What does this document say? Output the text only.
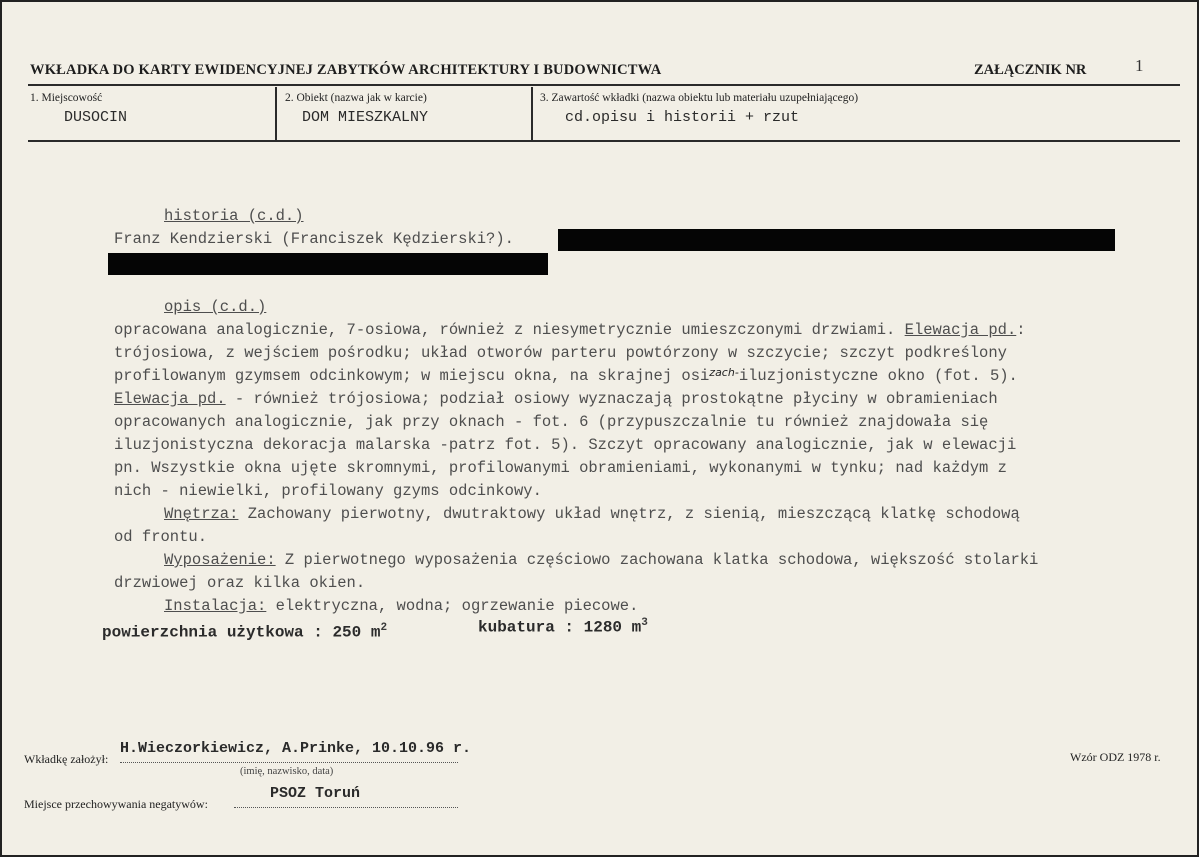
WKŁADKA DO KARTY EWIDENCYJNEJ ZABYTKÓW ARCHITEKTURY I BUDOWNICTWA	ZAŁĄCZNIK NR	1
1. Miejscowość
DUSOCIN
2. Obiekt (nazwa jak w karcie)
DOM MIESZKALNY
3. Zawartość wkładki (nazwa obiektu lub materiału uzupełniającego)
cd.opisu i historii + rzut
historia (c.d.)
Franz Kendzierski (Franciszek Kędzierski?).
opis (c.d.)
opracowana analogicznie, 7-osiowa, również z niesymetrycznie umieszczonymi drzwiami. Elewacja pd.:
trójosiowa, z wejściem pośrodku; układ otworów parteru powtórzony w szczycie; szczyt podkreślony
profilowanym gzymsem odcinkowym; w miejscu okna, na skrajnej osi$^{zach-}$iluzjonistyczne okno (fot. 5).
Elewacja pd. - również trójosiowa; podział osiowy wyznaczają prostokątne płyciny w obramieniach
opracowanych analogicznie, jak przy oknach - fot. 6 (przypuszczalnie tu również znajdowała się
iluzjonistyczna dekoracja malarska -patrz fot. 5). Szczyt opracowany analogicznie, jak w elewacji
pn. Wszystkie okna ujęte skromnymi, profilowanymi obramieniami, wykonanymi w tynku; nad każdym z
nich - niewielki, profilowany gzyms odcinkowy.
Wnętrza: Zachowany pierwotny, dwutraktowy układ wnętrz, z sienią, mieszczącą klatkę schodową
od frontu.
Wyposażenie: Z pierwotnego wyposażenia częściowo zachowana klatka schodowa, większość stolarki
drzwiowej oraz kilka okien.
Instalacja: elektryczna, wodna; ogrzewanie piecowe.
powierzchnia użytkowa : 250 $m^2$	kubatura : 1280 $m^3$
Wkładkę założył:
H.Wieczorkiewicz, A.Prinke, 10.10.96 r.
(imię, nazwisko, data)
Miejsce przechowywania negatywów:
PSOZ Toruń
Wzór ODZ 1978 r.
